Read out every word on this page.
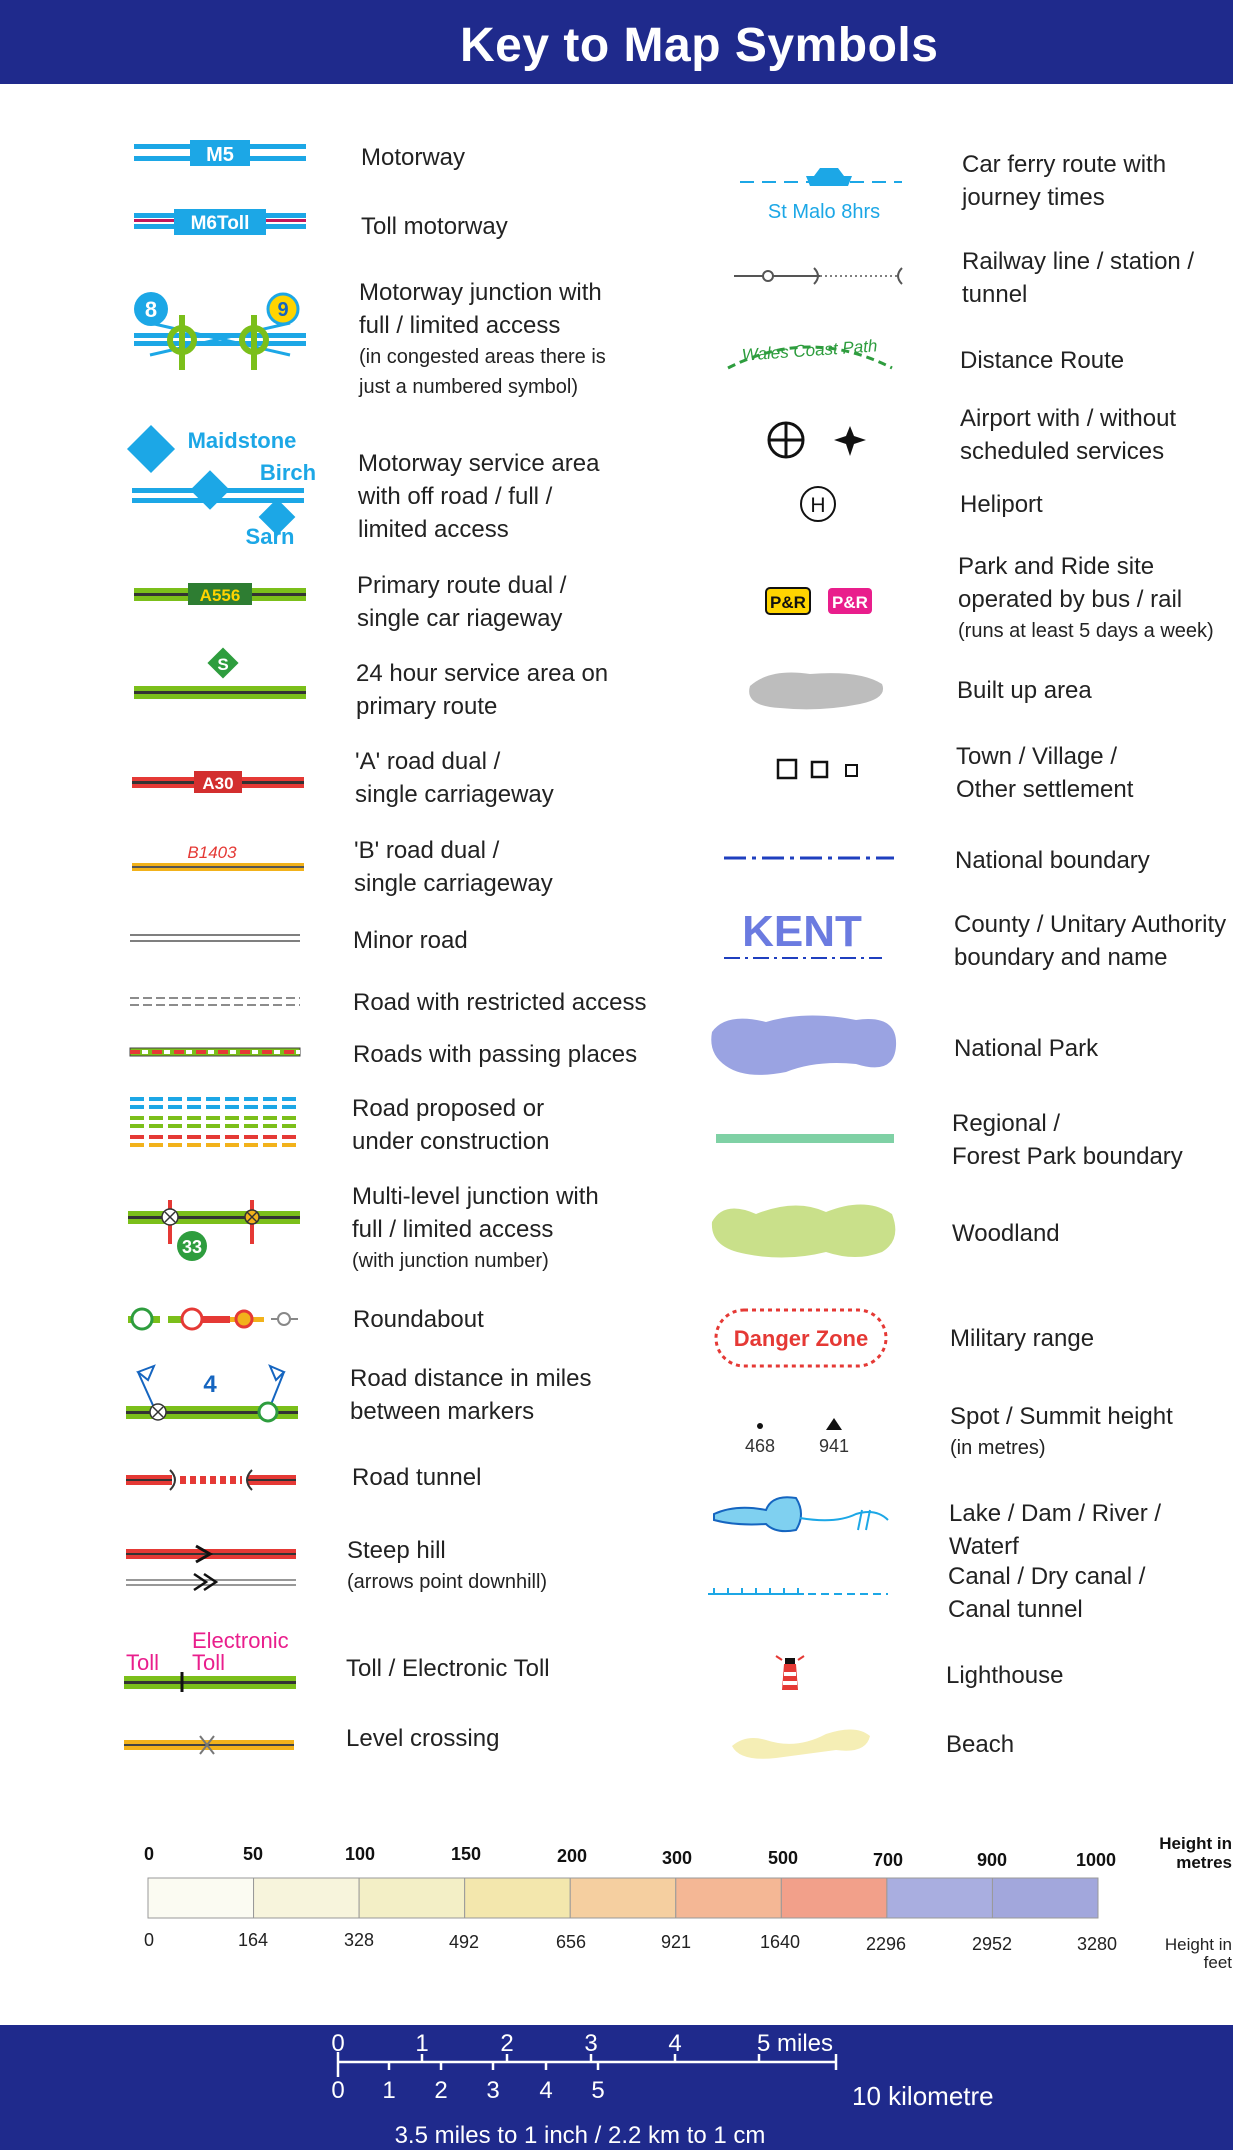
Key to Map Symbols
M5	Motorway
M6Toll	Toll motorway
8	9
Motorway junction with
full / limited access
(in congested areas there is
just a numbered symbol)
Maidstone
Birch
Sarn
Motorway service area
with off road / full /
limited access
A556	Primary route dual /
single car riageway
S	24 hour service area on
primary route
A30
'A' road dual /
single carriageway
B1403	'B' road dual /
single carriageway
Minor road
Road with restricted access
Roads with passing places
Road proposed or
under construction
33
Multi-level junction with
full / limited access
(with junction number)
Roundabout
4	Road distance in miles
between markers
Road tunnel
Steep hill
(arrows point downhill)
Toll
Electronic
Toll	Toll / Electronic Toll
Level crossing
St Malo 8hrs
Car ferry route with
journey times
Railway line / station /
tunnel
Wales Coast Path	Distance Route
Airport with / without
scheduled services
H	Heliport
P&R P&R
Park and Ride site
operated by bus / rail
(runs at least 5 days a week)
Built up area
Town / Village /
Other settlement
National boundary
KENT	County / Unitary Authority
boundary and name
National Park
Regional /
Forest Park boundary
Woodland
Danger Zone	Military range
468 941
Spot / Summit height
(in metres)
Lake / Dam / River / Waterf
Canal / Dry canal /
Canal tunnel
Lighthouse
Beach
0	50	100	150	200	300	500	700	900	1000
Height in
metres
0	164	328	492	656	921	1640	2296	2952	3280	Height in
feet
0	1	2	3	4	5 miles
0 1 2 3 4 5	10 kilometre
3.5 miles to 1 inch / 2.2 km to 1 cm
